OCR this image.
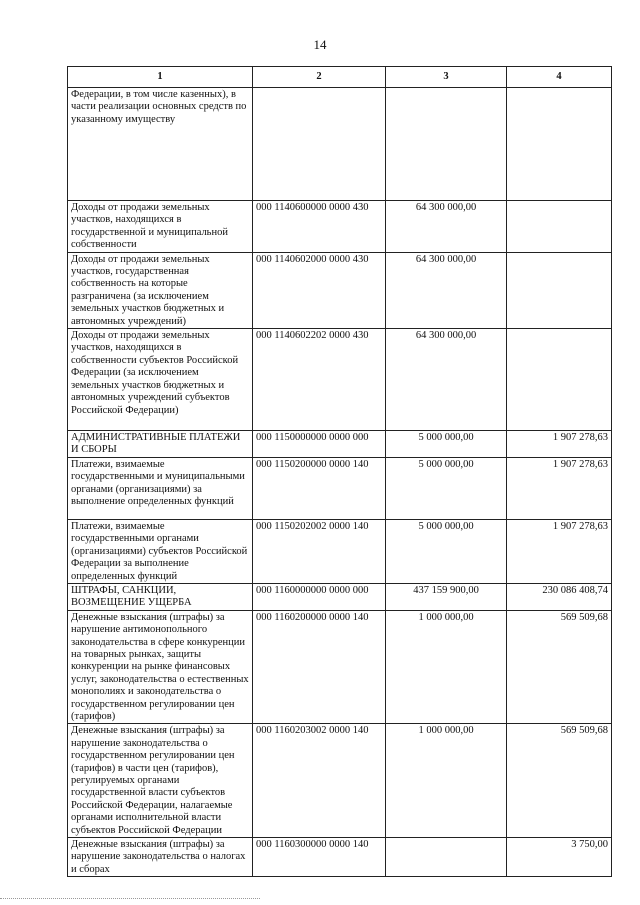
14
1	2	3	4
Федерации, в том числе казенных), в части реализации основных средств по указанному имуществу			
Доходы от продажи земельных участков, находящихся в государственной и муниципальной собственности	000 1140600000 0000 430	64 300 000,00	
Доходы от продажи земельных участков, государственная собственность на которые разграничена (за исключением земельных участков бюджетных и автономных учреждений)	000 1140602000 0000 430	64 300 000,00	
Доходы от продажи земельных участков, находящихся в собственности субъектов Российской Федерации (за исключением земельных участков бюджетных и автономных учреждений субъектов Российской Федерации)	000 1140602202 0000 430	64 300 000,00	
АДМИНИСТРАТИВНЫЕ ПЛАТЕЖИ И СБОРЫ	000 1150000000 0000 000	5 000 000,00	1 907 278,63
Платежи, взимаемые государственными и муниципальными органами (организациями) за выполнение определенных функций	000 1150200000 0000 140	5 000 000,00	1 907 278,63
Платежи, взимаемые государственными органами (организациями) субъектов Российской Федерации за выполнение определенных функций	000 1150202002 0000 140	5 000 000,00	1 907 278,63
ШТРАФЫ, САНКЦИИ, ВОЗМЕЩЕНИЕ УЩЕРБА	000 1160000000 0000 000	437 159 900,00	230 086 408,74
Денежные взыскания (штрафы) за нарушение антимонопольного законодательства в сфере конкуренции на товарных рынках, защиты конкуренции на рынке финансовых услуг, законодательства о естественных монополиях и законодательства о государственном регулировании цен (тарифов)	000 1160200000 0000 140	1 000 000,00	569 509,68
Денежные взыскания (штрафы) за нарушение законодательства о государственном регулировании цен (тарифов) в части цен (тарифов), регулируемых органами государственной власти субъектов Российской Федерации, налагаемые органами исполнительной власти субъектов Российской Федерации	000 1160203002 0000 140	1 000 000,00	569 509,68
Денежные взыскания (штрафы) за нарушение законодательства о налогах и сборах	000 1160300000 0000 140		3 750,00
